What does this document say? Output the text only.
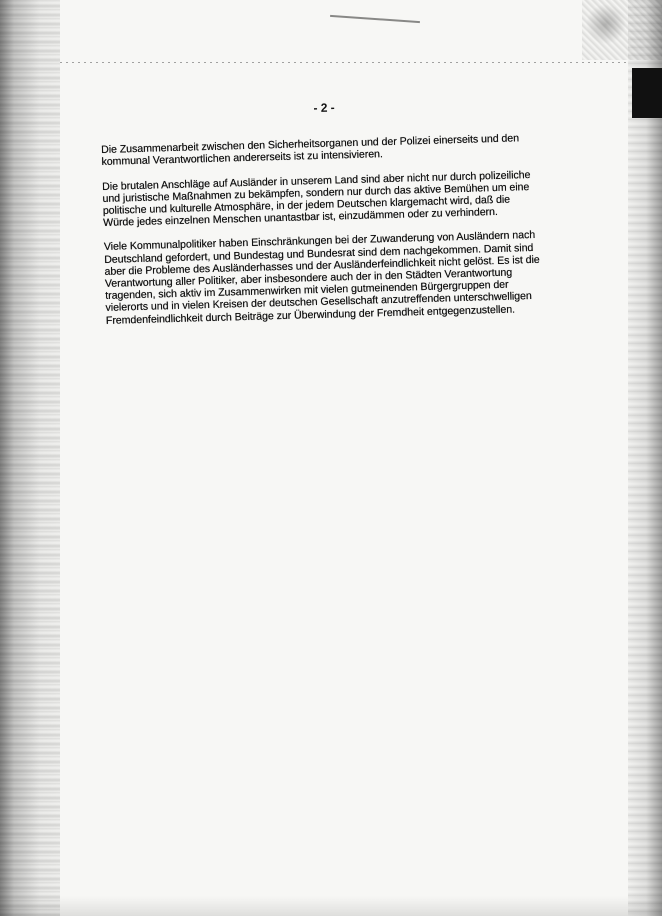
- 2 -

Die Zusammenarbeit zwischen den Sicherheitsorganen und der Polizei einerseits und den kommunal Verantwortlichen andererseits ist zu intensivieren.

Die brutalen Anschläge auf Ausländer in unserem Land sind aber nicht nur durch polizeiliche und juristische Maßnahmen zu bekämpfen, sondern nur durch das aktive Bemühen um eine politische und kulturelle Atmosphäre, in der jedem Deutschen klargemacht wird, daß die Würde jedes einzelnen Menschen unantastbar ist, einzudämmen oder zu verhindern.

Viele Kommunalpolitiker haben Einschränkungen bei der Zuwanderung von Ausländern nach Deutschland gefordert, und Bundestag und Bundesrat sind dem nachgekommen. Damit sind aber die Probleme des Ausländerhasses und der Ausländerfeindlichkeit nicht gelöst. Es ist die Verantwortung aller Politiker, aber insbesondere auch der in den Städten Verantwortung tragenden, sich aktiv im Zusammenwirken mit vielen gutmeinenden Bürgergruppen der vielerorts und in vielen Kreisen der deutschen Gesellschaft anzutreffenden unterschwelligen Fremdenfeindlichkeit durch Beiträge zur Überwindung der Fremdheit entgegenzustellen.
